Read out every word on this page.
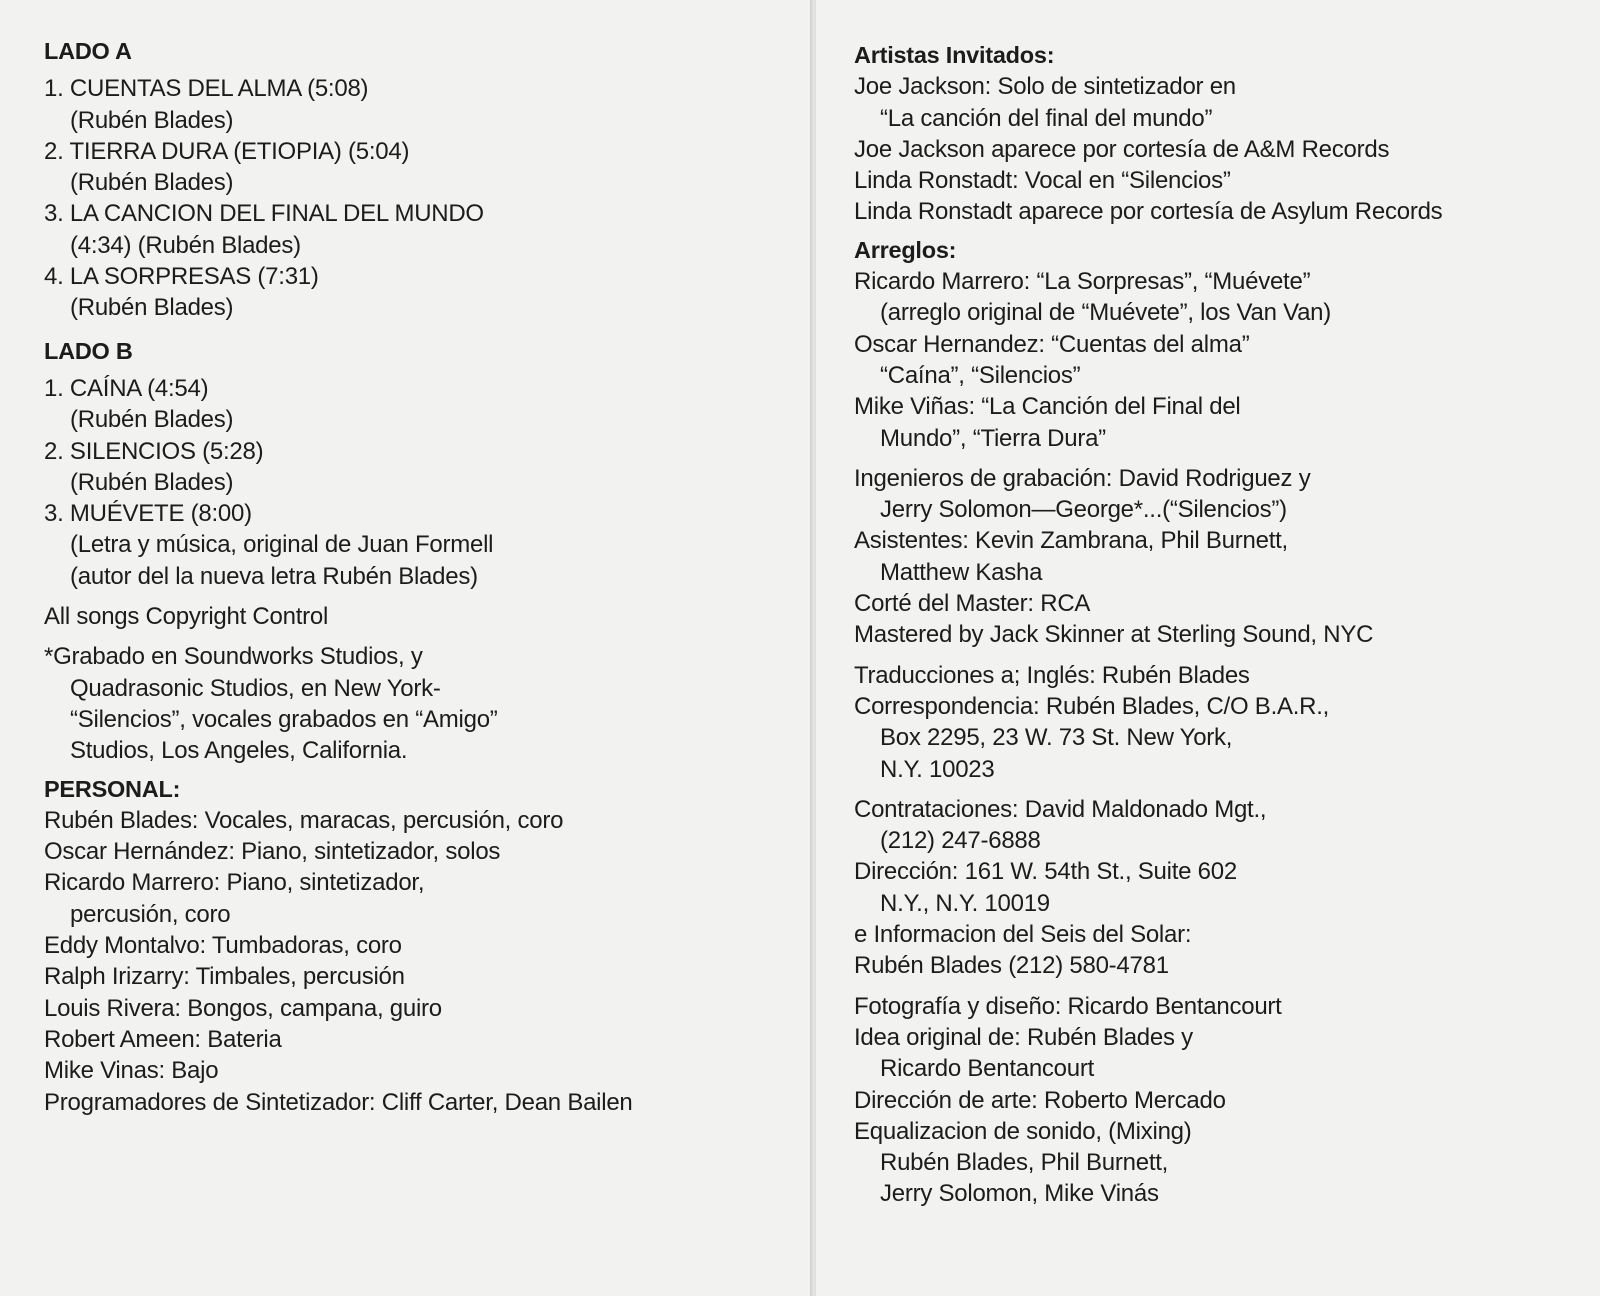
LADO A
1. CUENTAS DEL ALMA (5:08)
(Rubén Blades)
2. TIERRA DURA (ETIOPIA) (5:04)
(Rubén Blades)
3. LA CANCION DEL FINAL DEL MUNDO
(4:34) (Rubén Blades)
4. LA SORPRESAS (7:31)
(Rubén Blades)
LADO B
1. CAÍNA (4:54)
(Rubén Blades)
2. SILENCIOS (5:28)
(Rubén Blades)
3. MUÉVETE (8:00)
(Letra y música, original de Juan Formell
(autor del la nueva letra Rubén Blades)
All songs Copyright Control
*Grabado en Soundworks Studios, y
Quadrasonic Studios, en New York-
“Silencios”, vocales grabados en “Amigo”
Studios, Los Angeles, California.
PERSONAL:
Rubén Blades: Vocales, maracas, percusión, coro
Oscar Hernández: Piano, sintetizador, solos
Ricardo Marrero: Piano, sintetizador,
percusión, coro
Eddy Montalvo: Tumbadoras, coro
Ralph Irizarry: Timbales, percusión
Louis Rivera: Bongos, campana, guiro
Robert Ameen: Bateria
Mike Vinas: Bajo
Programadores de Sintetizador: Cliff Carter, Dean Bailen
Artistas Invitados:
Joe Jackson: Solo de sintetizador en
“La canción del final del mundo”
Joe Jackson aparece por cortesía de A&M Records
Linda Ronstadt: Vocal en “Silencios”
Linda Ronstadt aparece por cortesía de Asylum Records
Arreglos:
Ricardo Marrero: “La Sorpresas”, “Muévete”
(arreglo original de “Muévete”, los Van Van)
Oscar Hernandez: “Cuentas del alma”
“Caína”, “Silencios”
Mike Viñas: “La Canción del Final del
Mundo”, “Tierra Dura”
Ingenieros de grabación: David Rodriguez y
Jerry Solomon—George*...(“Silencios”)
Asistentes: Kevin Zambrana, Phil Burnett,
Matthew Kasha
Corté del Master: RCA
Mastered by Jack Skinner at Sterling Sound, NYC
Traducciones a; Inglés: Rubén Blades
Correspondencia: Rubén Blades, C/O B.A.R.,
Box 2295, 23 W. 73 St. New York,
N.Y. 10023
Contrataciones: David Maldonado Mgt.,
(212) 247-6888
Dirección: 161 W. 54th St., Suite 602
N.Y., N.Y. 10019
e Informacion del Seis del Solar:
Rubén Blades (212) 580-4781
Fotografía y diseño: Ricardo Bentancourt
Idea original de: Rubén Blades y
Ricardo Bentancourt
Dirección de arte: Roberto Mercado
Equalizacion de sonido, (Mixing)
Rubén Blades, Phil Burnett,
Jerry Solomon, Mike Vinás
